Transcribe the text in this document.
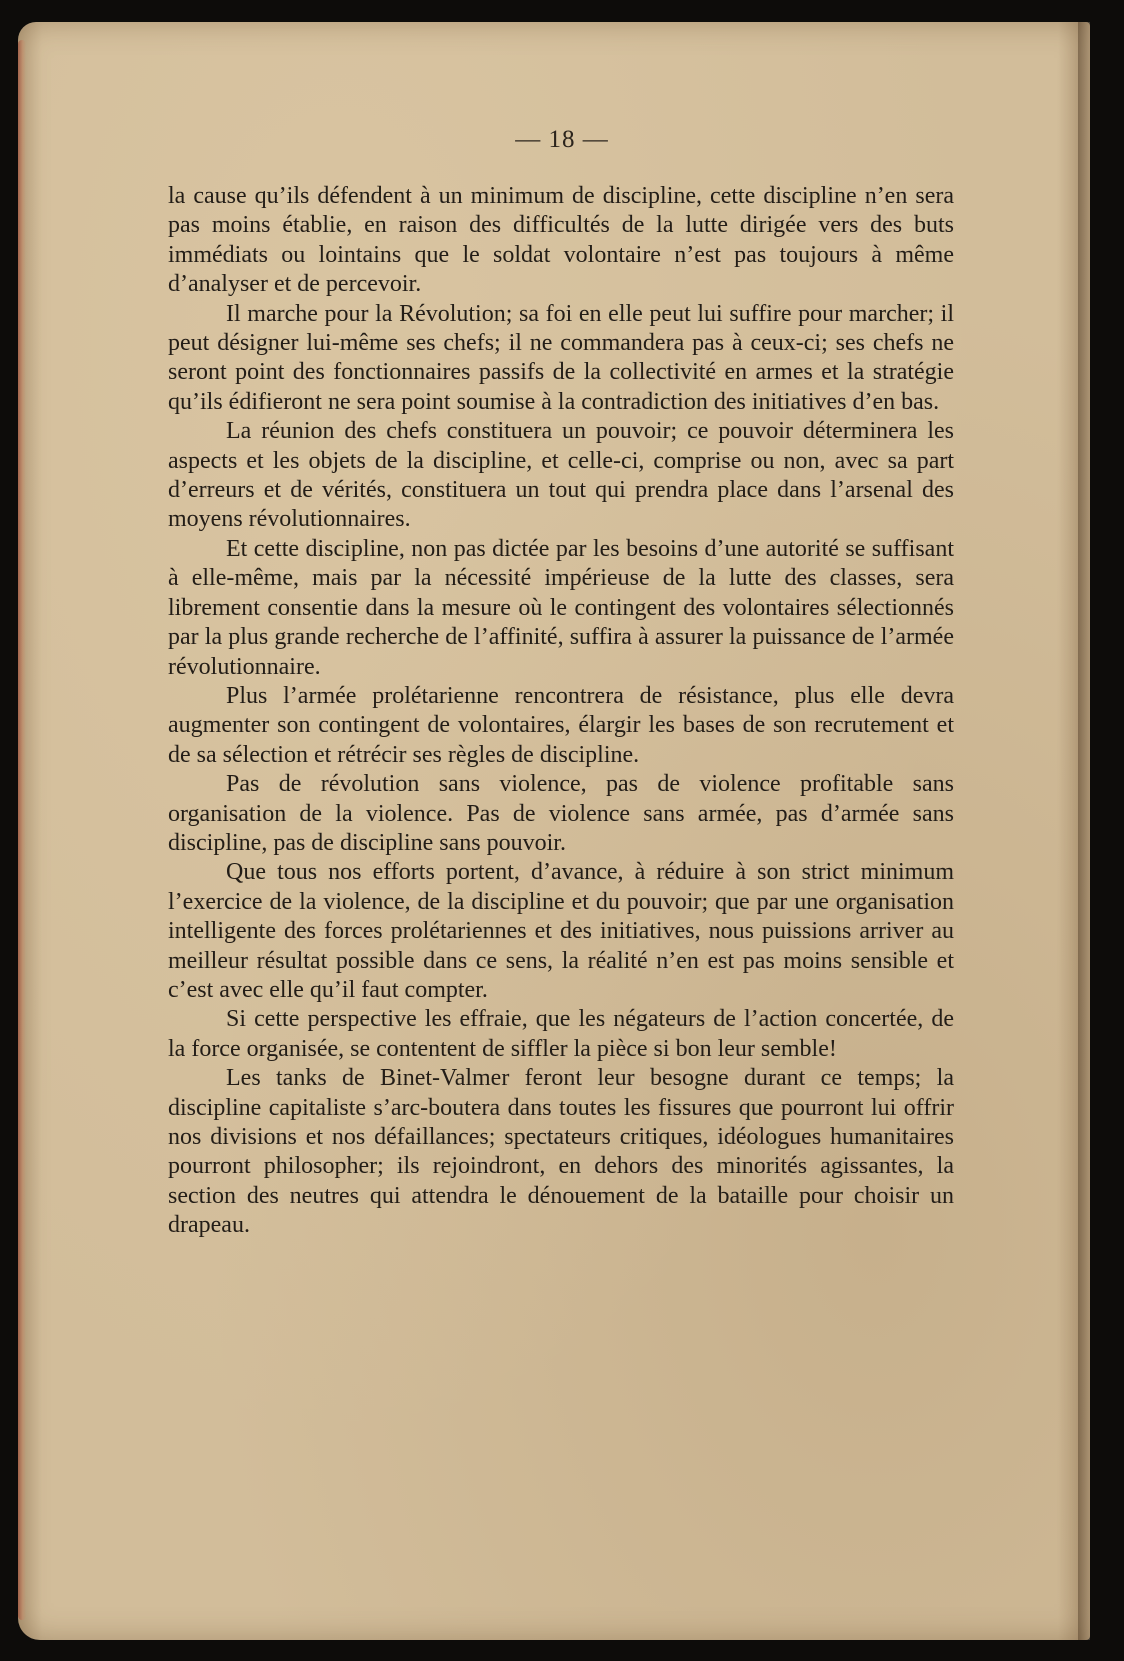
— 18 —

la cause qu’ils défendent à un minimum de discipline, cette discipline n’en sera pas moins établie, en raison des difficultés de la lutte dirigée vers des buts immédiats ou lointains que le soldat volontaire n’est pas toujours à même d’analyser et de percevoir.

Il marche pour la Révolution; sa foi en elle peut lui suffire pour marcher; il peut désigner lui-même ses chefs; il ne commandera pas à ceux-ci; ses chefs ne seront point des fonctionnaires passifs de la collectivité en armes et la stratégie qu’ils édifieront ne sera point soumise à la contradiction des initiatives d’en bas.

La réunion des chefs constituera un pouvoir; ce pouvoir déterminera les aspects et les objets de la discipline, et celle-ci, comprise ou non, avec sa part d’erreurs et de vérités, constituera un tout qui prendra place dans l’arsenal des moyens révolutionnaires.

Et cette discipline, non pas dictée par les besoins d’une autorité se suffisant à elle-même, mais par la nécessité impérieuse de la lutte des classes, sera librement consentie dans la mesure où le contingent des volontaires sélectionnés par la plus grande recherche de l’affinité, suffira à assurer la puissance de l’armée révolutionnaire.

Plus l’armée prolétarienne rencontrera de résistance, plus elle devra augmenter son contingent de volontaires, élargir les bases de son recrutement et de sa sélection et rétrécir ses règles de discipline.

Pas de révolution sans violence, pas de violence profitable sans organisation de la violence. Pas de violence sans armée, pas d’armée sans discipline, pas de discipline sans pouvoir.

Que tous nos efforts portent, d’avance, à réduire à son strict minimum l’exercice de la violence, de la discipline et du pouvoir; que par une organisation intelligente des forces prolétariennes et des initiatives, nous puissions arriver au meilleur résultat possible dans ce sens, la réalité n’en est pas moins sensible et c’est avec elle qu’il faut compter.

Si cette perspective les effraie, que les négateurs de l’action concertée, de la force organisée, se contentent de siffler la pièce si bon leur semble!

Les tanks de Binet-Valmer feront leur besogne durant ce temps; la discipline capitaliste s’arc-boutera dans toutes les fissures que pourront lui offrir nos divisions et nos défaillances; spectateurs critiques, idéologues humanitaires pourront philosopher; ils rejoindront, en dehors des minorités agissantes, la section des neutres qui attendra le dénouement de la bataille pour choisir un drapeau.
